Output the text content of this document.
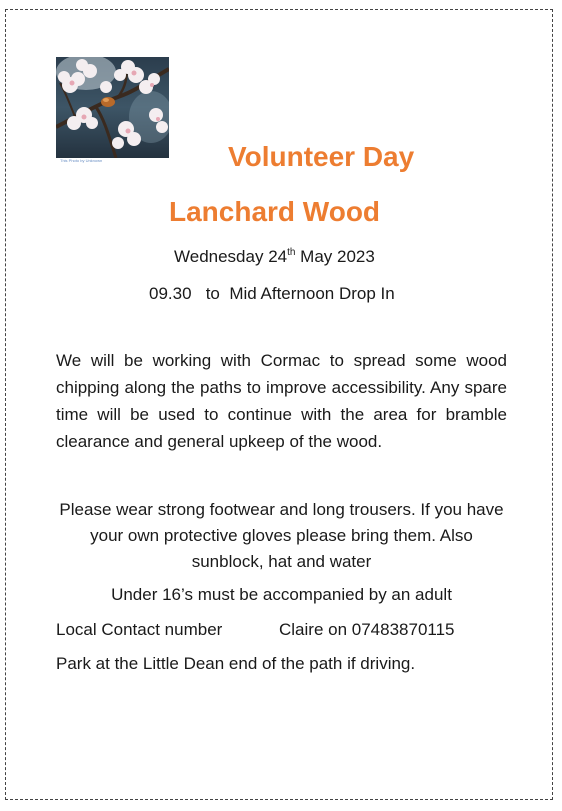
This Photo by Unknown	Volunteer Day
Lanchard Wood
Wednesday 24th May 2023
09.30   to  Mid Afternoon Drop In

We will be working with Cormac to spread some wood chipping along the paths to improve accessibility. Any spare time will be used to continue with the area for bramble clearance and general upkeep of the wood.

Please wear strong footwear and long trousers. If you have your own protective gloves please bring them. Also sunblock, hat and water

Under 16’s must be accompanied by an adult
Local Contact number	Claire on 07483870115
Park at the Little Dean end of the path if driving.
